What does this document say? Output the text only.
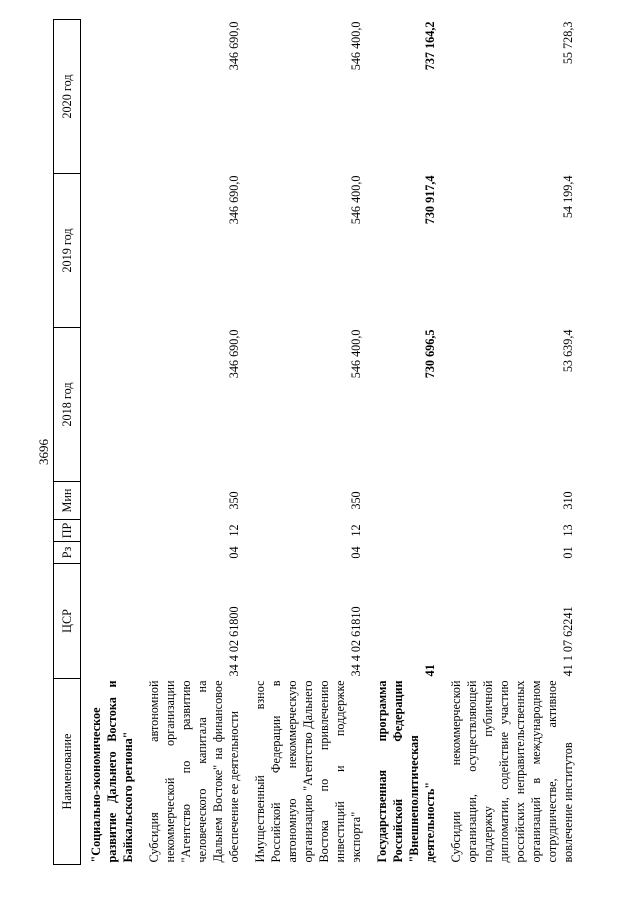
3696
Наименование	ЦСР	Рз	ПР	Мин	2018 год	2019 год	2020 год
"Социально-экономическое развитие Дальнего Востока и Байкальского региона"							
Субсидия автономной некоммерческой организации "Агентство по развитию человеческого капитала на Дальнем Востоке" на финансовое обеспечение ее деятельности	34 4 02 61800	04	12	350	346 690,0	346 690,0	346 690,0
Имущественный взнос Российской Федерации в автономную некоммерческую организацию "Агентство Дальнего Востока по привлечению инвестиций и поддержке экспорта"	34 4 02 61810	04	12	350	546 400,0	546 400,0	546 400,0
Государственная программа Российской Федерации "Внешнеполитическая деятельность"	41				730 696,5	730 917,4	737 164,2
Субсидии некоммерческой организации, осуществляющей поддержку публичной дипломатии, содействие участию российских неправительственных организаций в международном сотрудничестве, активное вовлечение институтов	41 1 07 62241	01	13	310	53 639,4	54 199,4	55 728,3
